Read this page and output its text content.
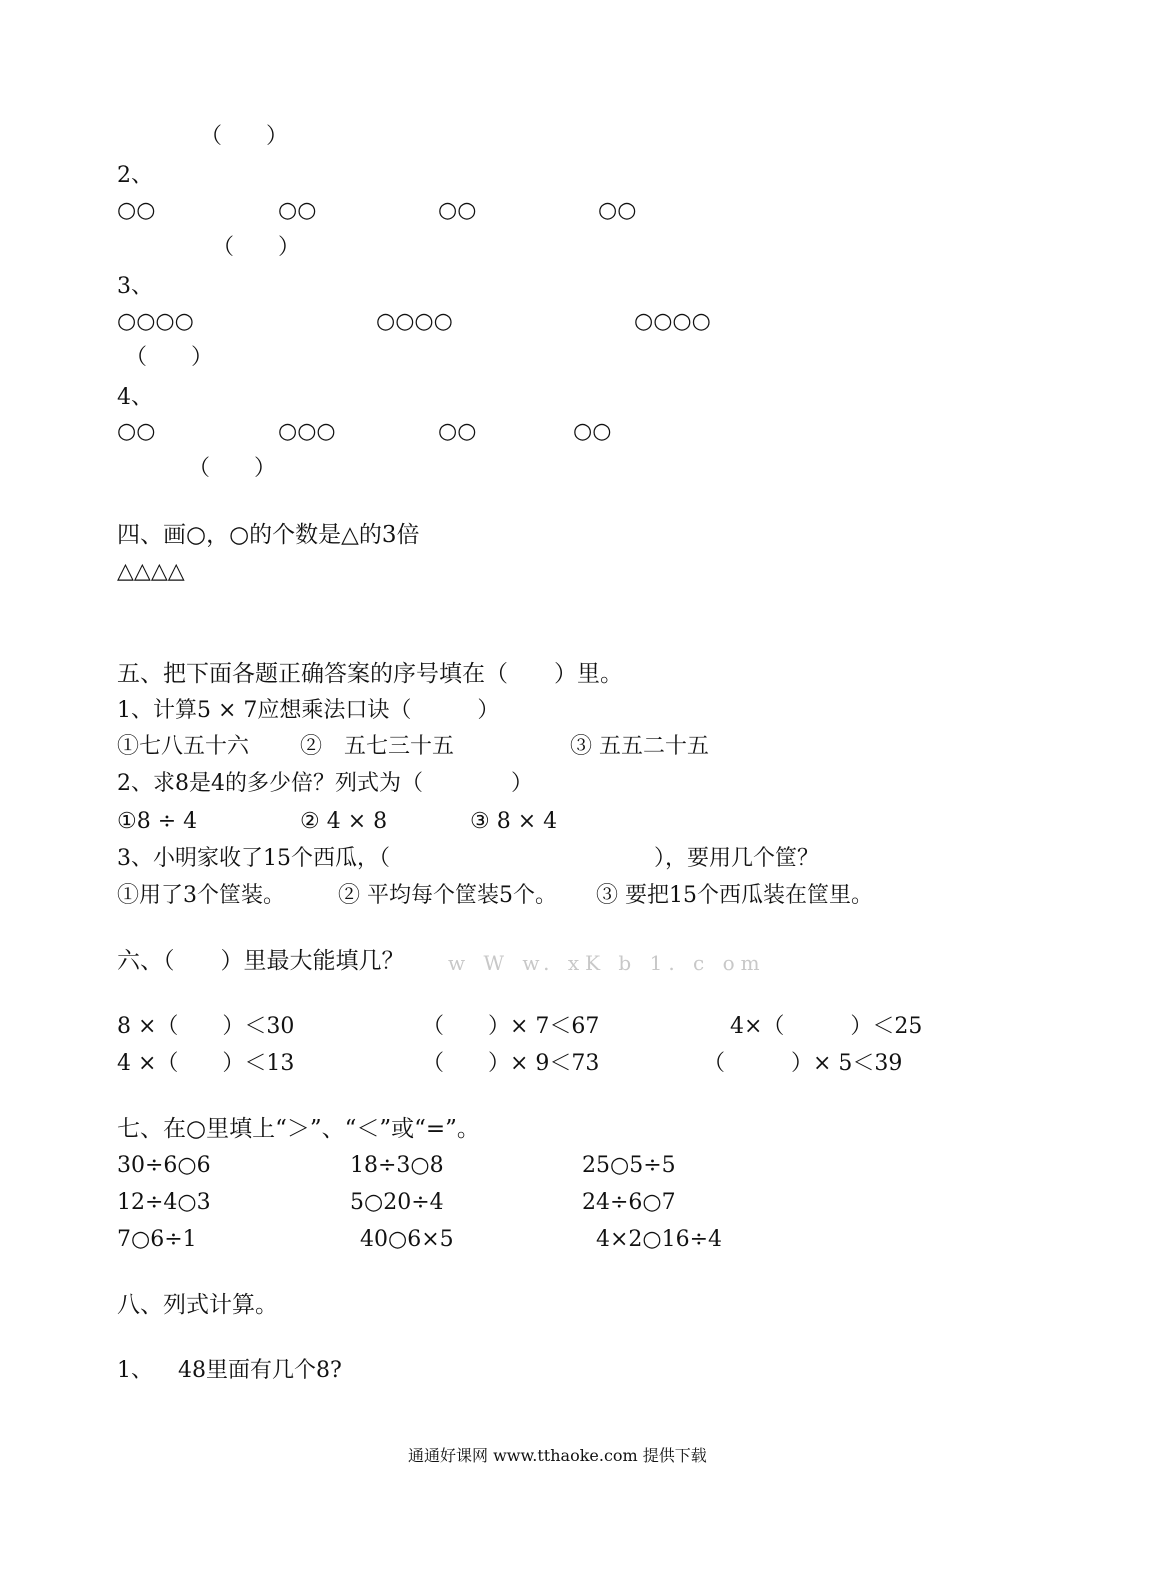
（　　）
2、
○○	○○	○○	○○
（　　）
3、
○○○○	○○○○	○○○○
（　　）
4、
○○	○○○	○○	○○
（　　）
四、画○，○的个数是△的3倍
△△△△
五、把下面各题正确答案的序号填在（　　）里。
1、计算5 × 7应想乘法口诀（　　　）
①七八五十六 ②　五七三十五	③ 五五二十五
2、求8是4的多少倍？列式为（　　　　）
①8 ÷ 4	② 4 × 8	③ 8 × 4
3、小明家收了15个西瓜，（　　　　　　　　　　　　），要用几个筐？
①用了3个筐装。 ② 平均每个筐装5个。 ③ 要把15个西瓜装在筐里。
六、（　　）里最大能填几？ w W w. xK b 1. c om
8 ×（　　）＜30	（　　）× 7＜67	4×（　　　）＜25
4 ×（　　）＜13	（　　）× 9＜73	（　　　）× 5＜39
七、在○里填上“＞”、“＜”或“=”。
30÷6○6	18÷3○8	25○5÷5
12÷4○3	5○20÷4	24÷6○7
7○6÷1	40○6×5	4×2○16÷4
八、列式计算。
1、 48里面有几个8?
通通好课网 www.tthaoke.com 提供下载
